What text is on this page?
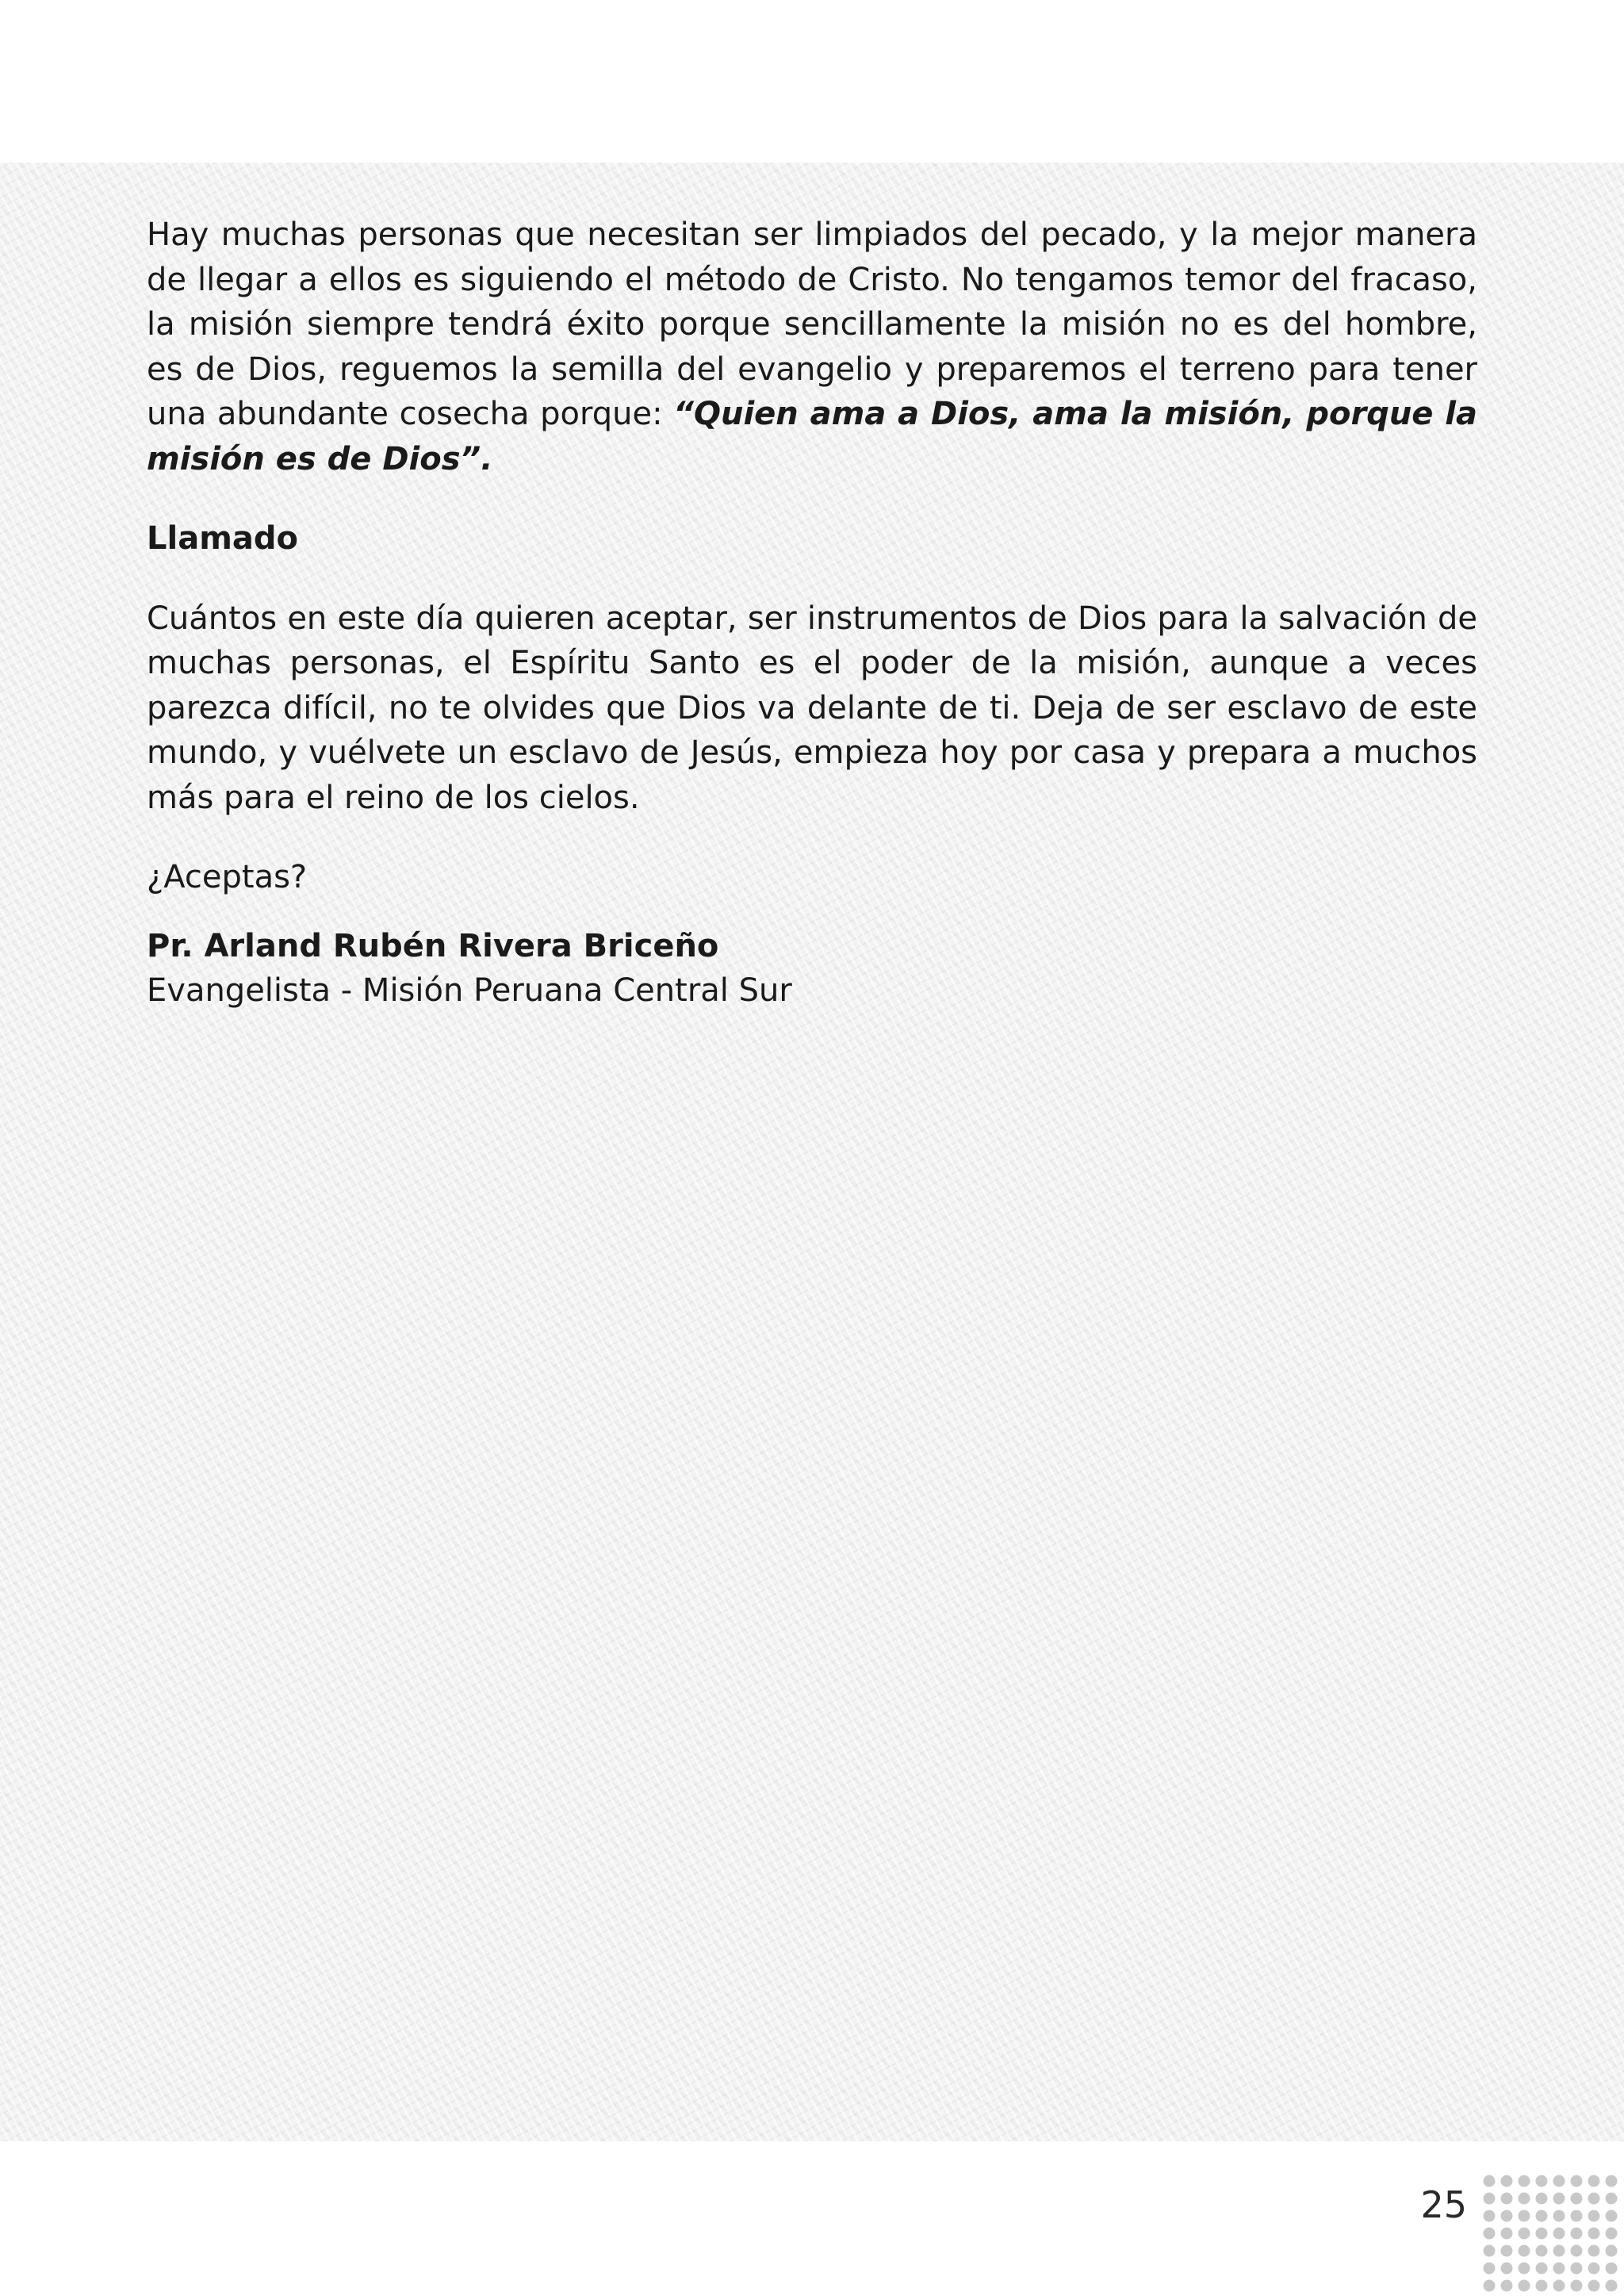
Hay muchas personas que necesitan ser limpiados del pecado, y la mejor manera de llegar a ellos es siguiendo el método de Cristo. No tengamos temor del fracaso, la misión siempre tendrá éxito porque sencillamente la misión no es del hombre, es de Dios, reguemos la semilla del evangelio y preparemos el terreno para tener una abundante cosecha porque: “Quien ama a Dios, ama la misión, porque la misión es de Dios”.

Llamado

Cuántos en este día quieren aceptar, ser instrumentos de Dios para la salvación de muchas personas, el Espíritu Santo es el poder de la misión, aunque a veces parezca difícil, no te olvides que Dios va delante de ti. Deja de ser esclavo de este mundo, y vuélvete un esclavo de Jesús, empieza hoy por casa y prepara a muchos más para el reino de los cielos.

¿Aceptas?

Pr. Arland Rubén Rivera Briceño

Evangelista - Misión Peruana Central Sur

25
